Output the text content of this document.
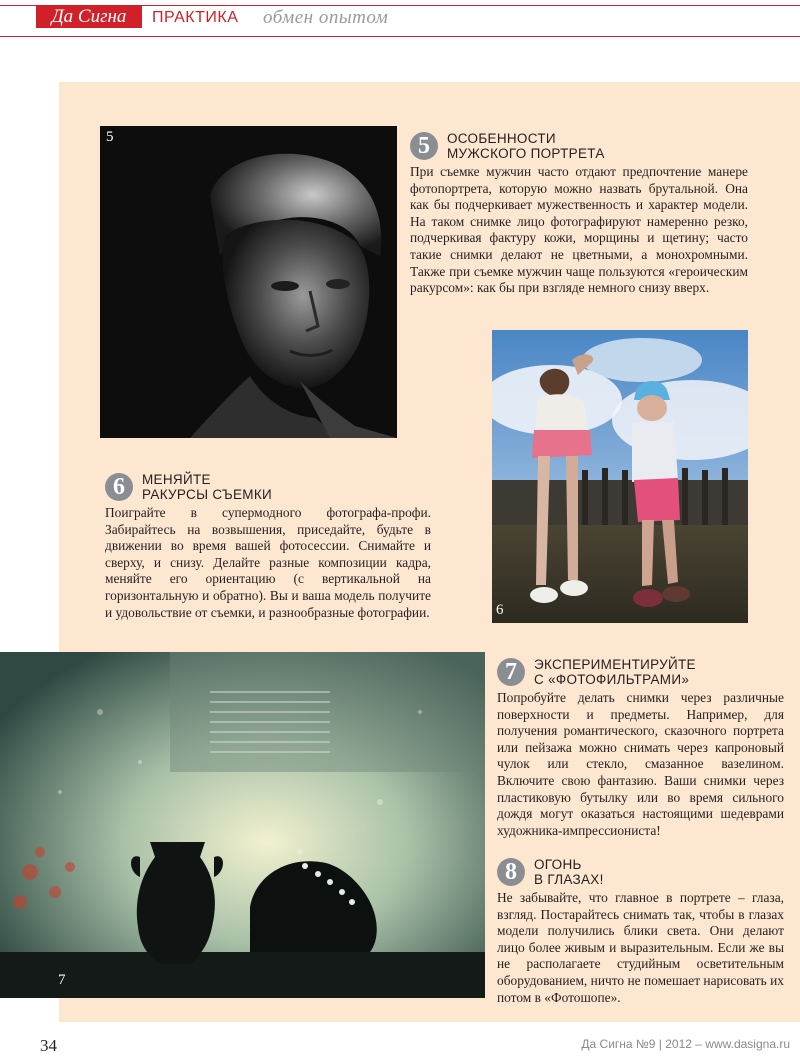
Да Сигна	ПРАКТИКА обмен опытом
5	5	ОСОБЕННОСТИ
МУЖСКОГО ПОРТРЕТА
При съемке мужчин часто отдают предпочтение манере фотопортрета, которую можно назвать брутальной. Она как бы подчеркивает мужественность и характер модели. На таком снимке лицо фотографируют намеренно резко, подчеркивая фактуру кожи, морщины и щетину; часто такие снимки делают не цветными, а монохромными. Также при съемке мужчин чаще пользуются «героическим ракурсом»: как бы при взгляде немного снизу вверх.
6
6	МЕНЯЙТЕ
РАКУРСЫ СЪЕМКИ
Поиграйте в супермодного фотографа-профи. Забирайтесь на возвышения, приседайте, будьте в движении во время вашей фотосессии. Снимайте и сверху, и снизу. Делайте разные композиции кадра, меняйте его ориентацию (с вертикальной на горизонтальную и обратно). Вы и ваша модель получите и удовольствие от съемки, и разнообразные фотографии.
7
7	ЭКСПЕРИМЕНТИРУЙТЕ
С «ФОТОФИЛЬТРАМИ»
Попробуйте делать снимки через различные поверхности и предметы. Например, для получения романтического, сказочного портрета или пейзажа можно снимать через капроновый чулок или стекло, смазанное вазелином. Включите свою фантазию. Ваши снимки через пластиковую бутылку или во время сильного дождя могут оказаться настоящими шедеврами художника-импрессиониста!
8	ОГОНЬ
В ГЛАЗАХ!
Не забывайте, что главное в портрете – глаза, взгляд. Постарайтесь снимать так, чтобы в глазах модели получились блики света. Они делают лицо более живым и выразительным. Если же вы не располагаете студийным осветительным оборудованием, ничто не помешает нарисовать их потом в «Фотошопе».
34	Да Сигна №9 | 2012 – www.dasigna.ru
